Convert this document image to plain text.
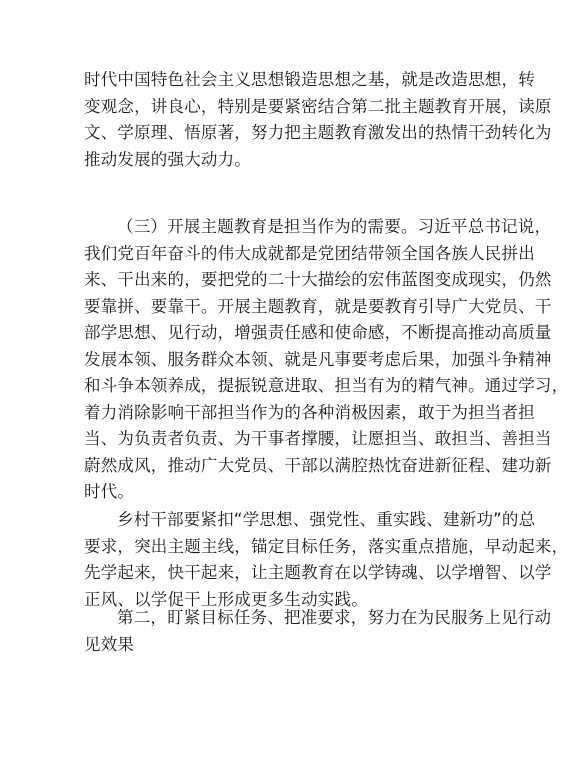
时代中国特色社会主义思想锻造思想之基，就是改造思想，转
变观念，讲良心，特别是要紧密结合第二批主题教育开展，读原
文、学原理、悟原著，努力把主题教育激发出的热情干劲转化为
推动发展的强大动力。
（三）开展主题教育是担当作为的需要。习近平总书记说，
我们党百年奋斗的伟大成就都是党团结带领全国各族人民拼出
来、干出来的，要把党的二十大描绘的宏伟蓝图变成现实，仍然
要靠拼、要靠干。开展主题教育，就是要教育引导广大党员、干
部学思想、见行动，增强责任感和使命感，不断提高推动高质量
发展本领、服务群众本领、就是凡事要考虑后果，加强斗争精神
和斗争本领养成，提振锐意进取、担当有为的精气神。通过学习，
着力消除影响干部担当作为的各种消极因素，敢于为担当者担
当、为负责者负责、为干事者撑腰，让愿担当、敢担当、善担当
蔚然成风，推动广大党员、干部以满腔热忱奋进新征程、建功新
时代。
乡村干部要紧扣“学思想、强党性、重实践、建新功”的总
要求，突出主题主线，锚定目标任务，落实重点措施，早动起来，
先学起来，快干起来，让主题教育在以学铸魂、以学增智、以学
正风、以学促干上形成更多生动实践。
第二，盯紧目标任务、把准要求，努力在为民服务上见行动
见效果
